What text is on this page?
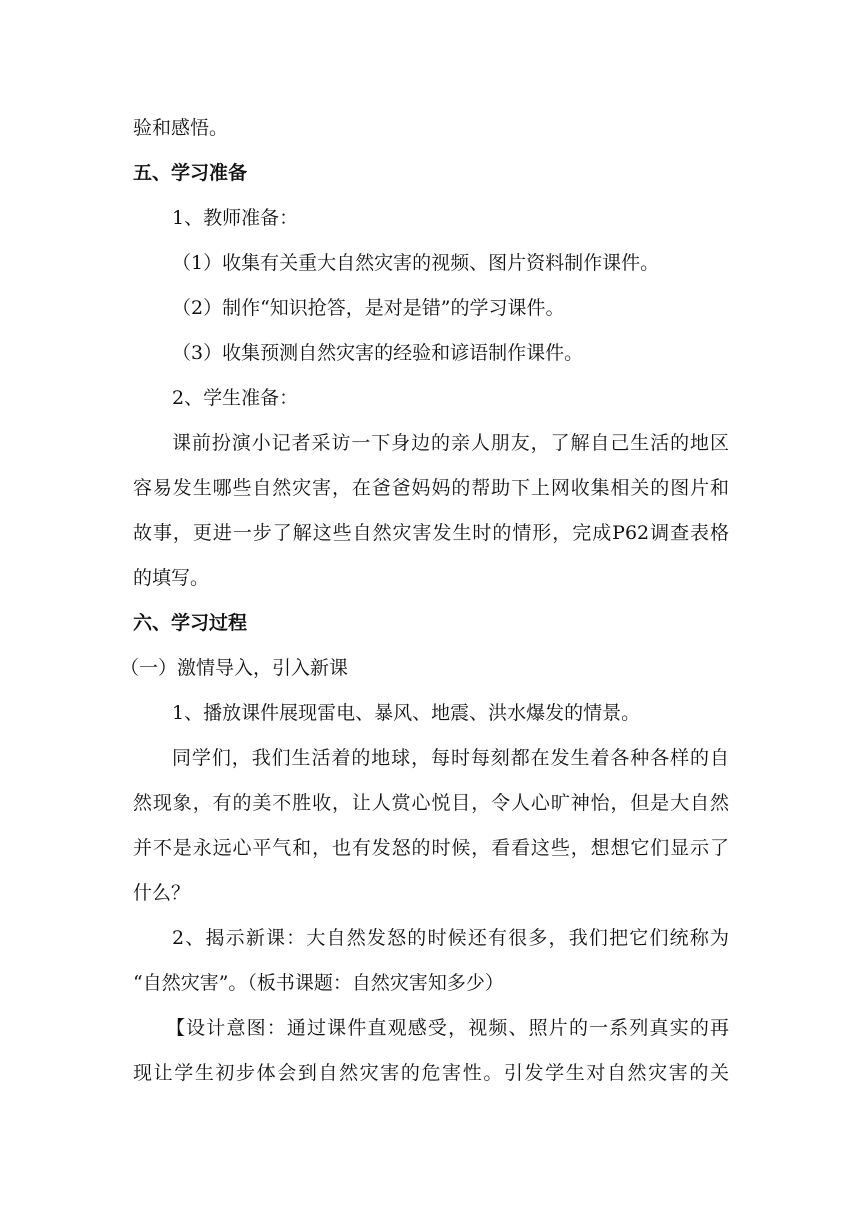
验和感悟。

五、学习准备

1、教师准备：

（1）收集有关重大自然灾害的视频、图片资料制作课件。

（2）制作“知识抢答，是对是错”的学习课件。

（3）收集预测自然灾害的经验和谚语制作课件。

2、学生准备：

课前扮演小记者采访一下身边的亲人朋友，了解自己生活的地区

容易发生哪些自然灾害，在爸爸妈妈的帮助下上网收集相关的图片和

故事，更进一步了解这些自然灾害发生时的情形，完成P62调查表格

的填写。

六、学习过程

（一）激情导入，引入新课

1、播放课件展现雷电、暴风、地震、洪水爆发的情景。

同学们，我们生活着的地球，每时每刻都在发生着各种各样的自

然现象，有的美不胜收，让人赏心悦目，令人心旷神怡，但是大自然

并不是永远心平气和，也有发怒的时候，看看这些，想想它们显示了

什么？

2、揭示新课：大自然发怒的时候还有很多，我们把它们统称为

“自然灾害”。（板书课题：自然灾害知多少）

【设计意图：通过课件直观感受，视频、照片的一系列真实的再

现让学生初步体会到自然灾害的危害性。引发学生对自然灾害的关
